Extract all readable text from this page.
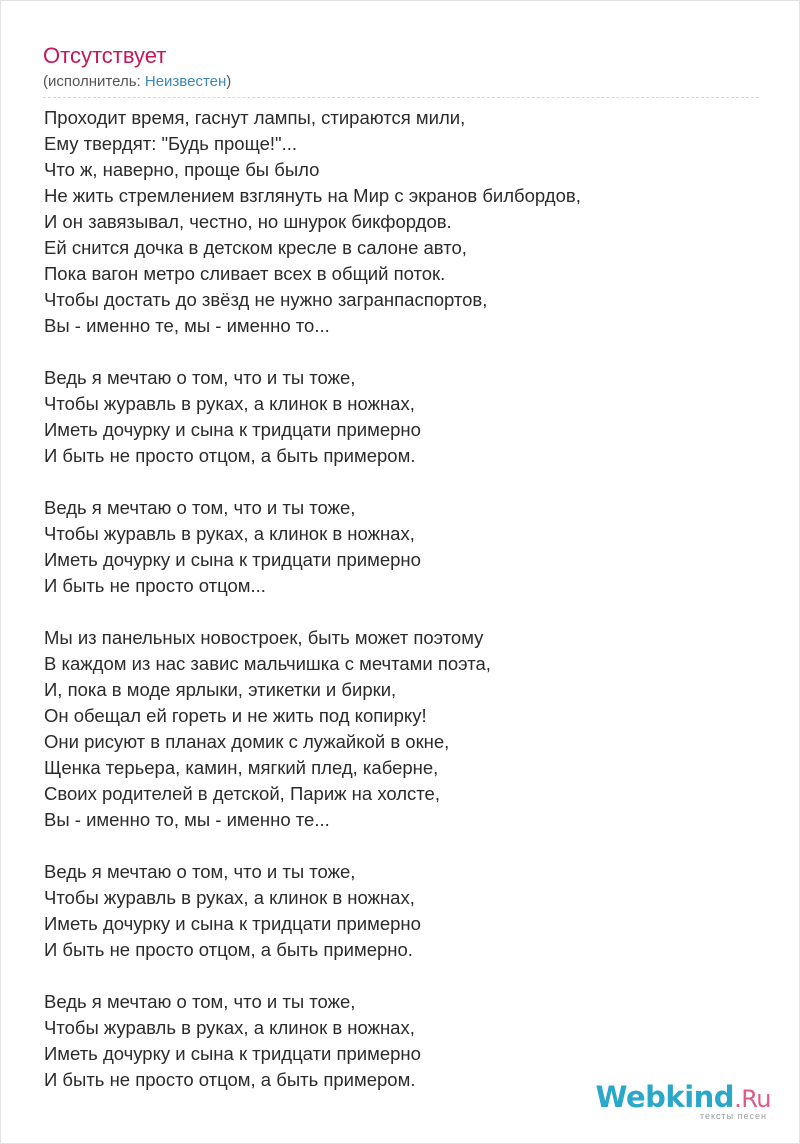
Отсутствует
(исполнитель: Неизвестен)
Проходит время, гаснут лампы, стираются мили,
Ему твердят: "Будь проще!"...
Что ж, наверно, проще бы было
Не жить стремлением взглянуть на Мир с экранов билбордов,
И он завязывал, честно, но шнурок бикфордов.
Ей снится дочка в детском кресле в салоне авто,
Пока вагон метро сливает всех в общий поток.
Чтобы достать до звёзд не нужно загранпаспортов,
Вы - именно те, мы - именно то...
Ведь я мечтаю о том, что и ты тоже,
Чтобы журавль в руках, а клинок в ножнах,
Иметь дочурку и сына к тридцати примерно
И быть не просто отцом, а быть примером.
Ведь я мечтаю о том, что и ты тоже,
Чтобы журавль в руках, а клинок в ножнах,
Иметь дочурку и сына к тридцати примерно
И быть не просто отцом...
Мы из панельных новостроек, быть может поэтому
В каждом из нас завис мальчишка с мечтами поэта,
И, пока в моде ярлыки, этикетки и бирки,
Он обещал ей гореть и не жить под копирку!
Они рисуют в планах домик с лужайкой в окне,
Щенка терьера, камин, мягкий плед, каберне,
Своих родителей в детской, Париж на холсте,
Вы - именно то, мы - именно те...
Ведь я мечтаю о том, что и ты тоже,
Чтобы журавль в руках, а клинок в ножнах,
Иметь дочурку и сына к тридцати примерно
И быть не просто отцом, а быть примерно.
Ведь я мечтаю о том, что и ты тоже,
Чтобы журавль в руках, а клинок в ножнах,
Иметь дочурку и сына к тридцати примерно
И быть не просто отцом, а быть примером.
Webkind.Ru
тексты песен
